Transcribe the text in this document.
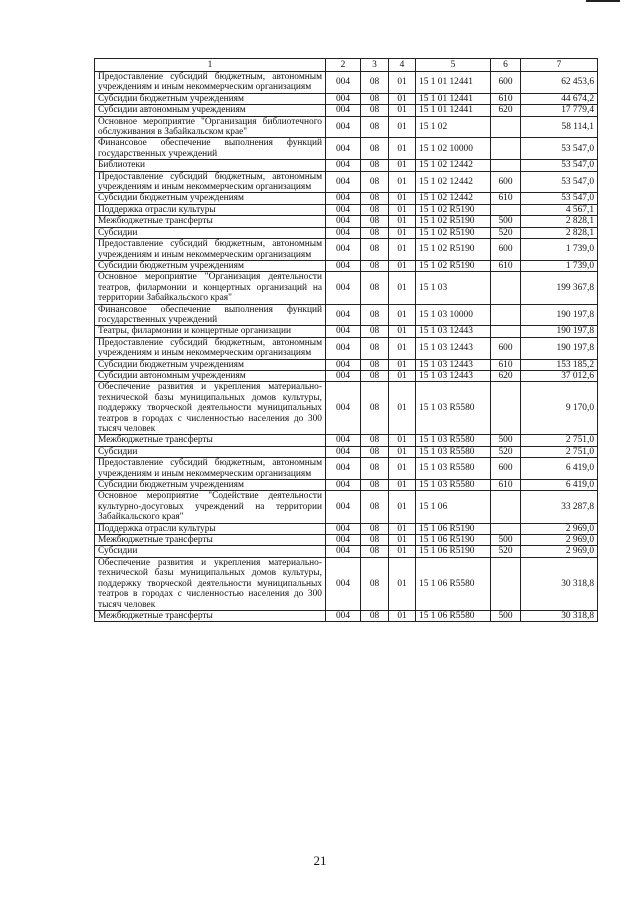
1	2	3	4	5	6	7
Предоставление субсидий бюджетным, автономным учреждениям и иным некоммерческим организациям	004	08	01	15 1 01 12441	600	62 453,6
Субсидии бюджетным учреждениям	004	08	01	15 1 01 12441	610	44 674,2
Субсидии автономным учреждениям	004	08	01	15 1 01 12441	620	17 779,4
Основное мероприятие "Организация библиотечного обслуживания в Забайкальском крае"	004	08	01	15 1 02		58 114,1
Финансовое обеспечение выполнения функций государственных учреждений	004	08	01	15 1 02 10000		53 547,0
Библиотеки	004	08	01	15 1 02 12442		53 547,0
Предоставление субсидий бюджетным, автономным учреждениям и иным некоммерческим организациям	004	08	01	15 1 02 12442	600	53 547,0
Субсидии бюджетным учреждениям	004	08	01	15 1 02 12442	610	53 547,0
Поддержка отрасли культуры	004	08	01	15 1 02 R5190		4 567,1
Межбюджетные трансферты	004	08	01	15 1 02 R5190	500	2 828,1
Субсидии	004	08	01	15 1 02 R5190	520	2 828,1
Предоставление субсидий бюджетным, автономным учреждениям и иным некоммерческим организациям	004	08	01	15 1 02 R5190	600	1 739,0
Субсидии бюджетным учреждениям	004	08	01	15 1 02 R5190	610	1 739,0
Основное мероприятие "Организация деятельности театров, филармонии и концертных организаций на территории Забайкальского края"	004	08	01	15 1 03		199 367,8
Финансовое обеспечение выполнения функций государственных учреждений	004	08	01	15 1 03 10000		190 197,8
Театры, филармонии и концертные организации	004	08	01	15 1 03 12443		190 197,8
Предоставление субсидий бюджетным, автономным учреждениям и иным некоммерческим организациям	004	08	01	15 1 03 12443	600	190 197,8
Субсидии бюджетным учреждениям	004	08	01	15 1 03 12443	610	153 185,2
Субсидии автономным учреждениям	004	08	01	15 1 03 12443	620	37 012,6
Обеспечение развития и укрепления материально-технической базы муниципальных домов культуры, поддержку творческой деятельности муниципальных театров в городах с численностью населения до 300 тысяч человек	004	08	01	15 1 03 R5580		9 170,0
Межбюджетные трансферты	004	08	01	15 1 03 R5580	500	2 751,0
Субсидии	004	08	01	15 1 03 R5580	520	2 751,0
Предоставление субсидий бюджетным, автономным учреждениям и иным некоммерческим организациям	004	08	01	15 1 03 R5580	600	6 419,0
Субсидии бюджетным учреждениям	004	08	01	15 1 03 R5580	610	6 419,0
Основное мероприятие "Содействие деятельности культурно-досуговых учреждений на территории Забайкальского края"	004	08	01	15 1 06		33 287,8
Поддержка отрасли культуры	004	08	01	15 1 06 R5190		2 969,0
Межбюджетные трансферты	004	08	01	15 1 06 R5190	500	2 969,0
Субсидии	004	08	01	15 1 06 R5190	520	2 969,0
Обеспечение развития и укрепления материально-технической базы муниципальных домов культуры, поддержку творческой деятельности муниципальных театров в городах с численностью населения до 300 тысяч человек	004	08	01	15 1 06 R5580		30 318,8
Межбюджетные трансферты	004	08	01	15 1 06 R5580	500	30 318,8
21
